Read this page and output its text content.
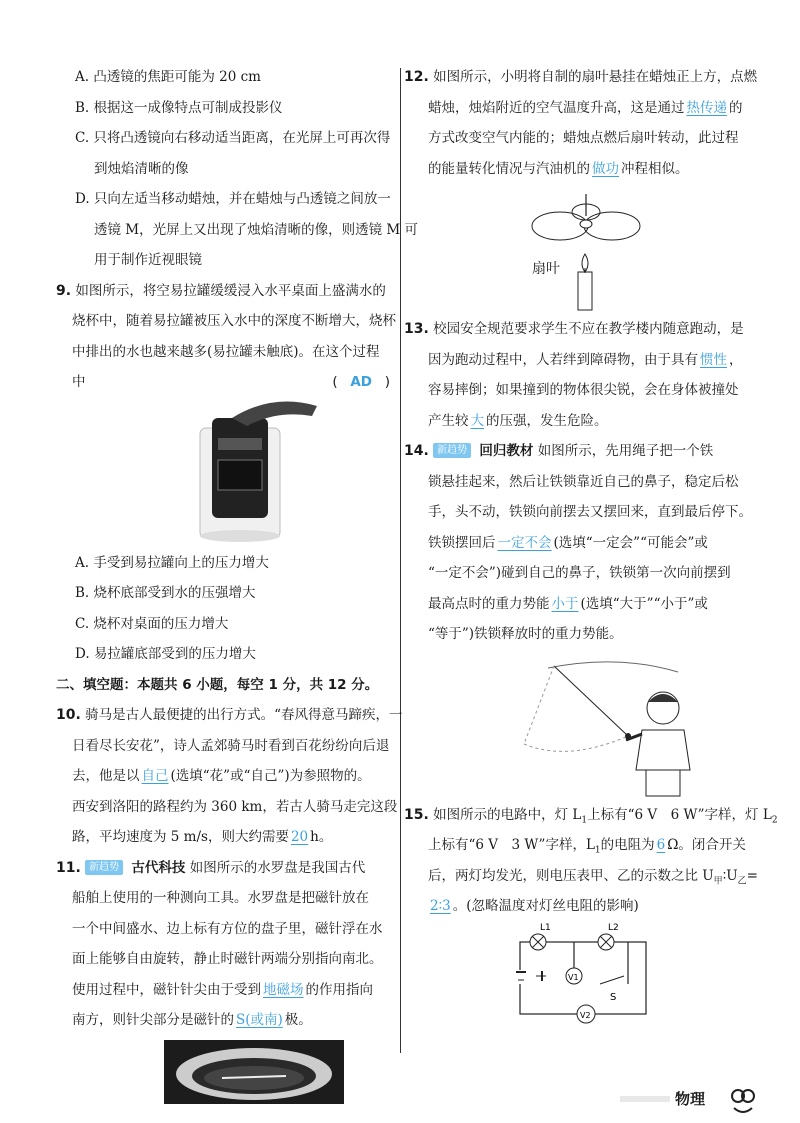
A. 凸透镜的焦距可能为 20 cm
B. 根据这一成像特点可制成投影仪
C. 只将凸透镜向右移动适当距离，在光屏上可再次得
到烛焰清晰的像
D. 只向左适当移动蜡烛，并在蜡烛与凸透镜之间放一
透镜 M，光屏上又出现了烛焰清晰的像，则透镜 M 可
用于制作近视眼镜
9. 如图所示，将空易拉罐缓缓浸入水平桌面上盛满水的
烧杯中，随着易拉罐被压入水中的深度不断增大，烧杯
中排出的水也越来越多(易拉罐未触底)。在这个过程
中	( AD )
A. 手受到易拉罐向上的压力增大
B. 烧杯底部受到水的压强增大
C. 烧杯对桌面的压力增大
D. 易拉罐底部受到的压力增大
二、填空题：本题共 6 小题，每空 1 分，共 12 分。
10. 骑马是古人最便捷的出行方式。“春风得意马蹄疾，一
日看尽长安花”，诗人孟郊骑马时看到百花纷纷向后退
去，他是以 自己 (选填“花”或“自己”)为参照物的。
西安到洛阳的路程约为 360 km，若古人骑马走完这段
路，平均速度为 5 m/s，则大约需要 20 h。
11. 新趋势 古代科技 如图所示的水罗盘是我国古代
船舶上使用的一种测向工具。水罗盘是把磁针放在
一个中间盛水、边上标有方位的盘子里，磁针浮在水
面上能够自由旋转，静止时磁针两端分别指向南北。
使用过程中，磁针针尖由于受到 地磁场 的作用指向
南方，则针尖部分是磁针的 S(或南) 极。
12. 如图所示，小明将自制的扇叶悬挂在蜡烛正上方，点燃
蜡烛，烛焰附近的空气温度升高，这是通过 热传递 的
方式改变空气内能的；蜡烛点燃后扇叶转动，此过程
的能量转化情况与汽油机的 做功 冲程相似。
扇叶
13. 校园安全规范要求学生不应在教学楼内随意跑动，是
因为跑动过程中，人若绊到障碍物，由于具有 惯性 ，
容易摔倒；如果撞到的物体很尖锐，会在身体被撞处
产生较 大 的压强，发生危险。
14. 新趋势 回归教材 如图所示，先用绳子把一个铁
锁悬挂起来，然后让铁锁靠近自己的鼻子，稳定后松
手，头不动，铁锁向前摆去又摆回来，直到最后停下。
铁锁摆回后 一定不会 (选填“一定会”“可能会”或
“一定不会”)碰到自己的鼻子，铁锁第一次向前摆到
最高点时的重力势能 小于 (选填“大于”“小于”或
“等于”)铁锁释放时的重力势能。
15. 如图所示的电路中，灯 $L_1$上标有“6 V　6 W”字样，灯 $L_2$
上标有“6 V　3 W”字样，$L_1$的电阻为 6 Ω。闭合开关
后，两灯均发光，则电压表甲、乙的示数之比 $U_甲∶U_乙=$
2∶3 。(忽略温度对灯丝电阻的影响)
L1	L2
V1
V2
S
物理
